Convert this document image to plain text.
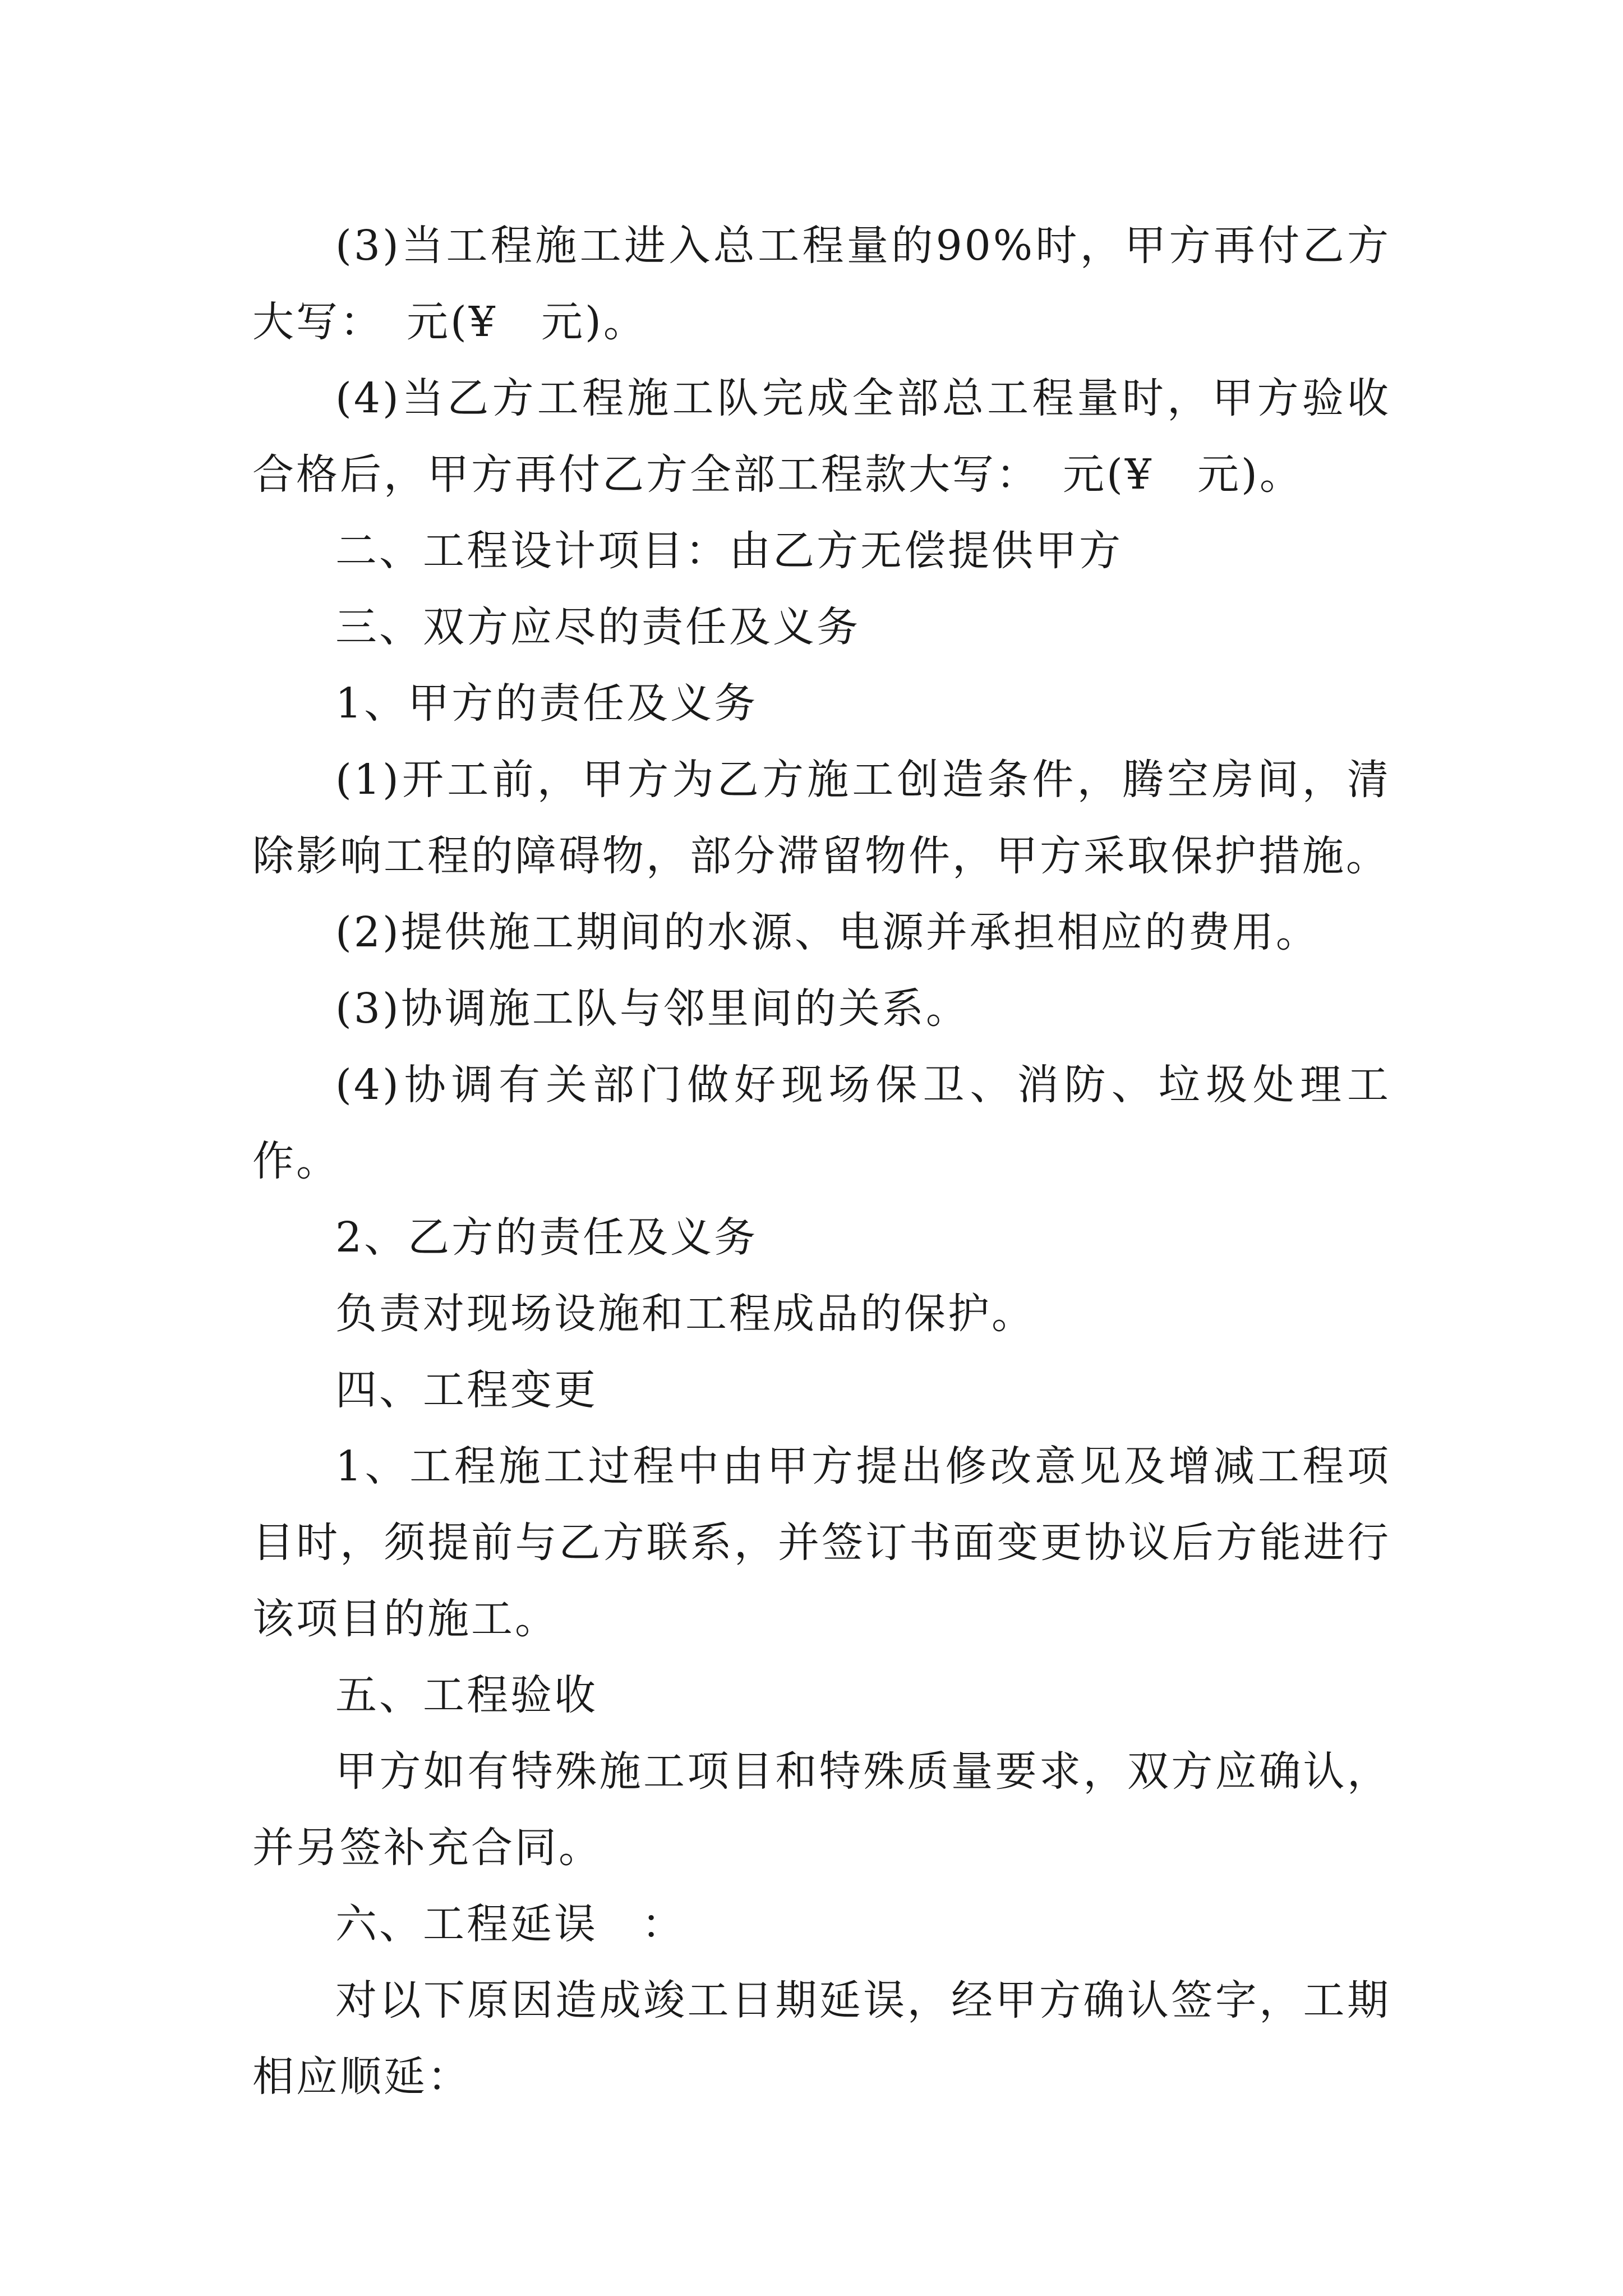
(3)当工程施工进入总工程量的90%时，甲方再付乙方大写：　元(¥　元)。

(4)当乙方工程施工队完成全部总工程量时，甲方验收合格后，甲方再付乙方全部工程款大写：　元(¥　元)。

二、工程设计项目：由乙方无偿提供甲方

三、双方应尽的责任及义务

1、甲方的责任及义务

(1)开工前，甲方为乙方施工创造条件，腾空房间，清除影响工程的障碍物，部分滞留物件，甲方采取保护措施。

(2)提供施工期间的水源、电源并承担相应的费用。

(3)协调施工队与邻里间的关系。

(4)协调有关部门做好现场保卫、消防、垃圾处理工作。

2、乙方的责任及义务

负责对现场设施和工程成品的保护。

四、工程变更

1、工程施工过程中由甲方提出修改意见及增减工程项目时，须提前与乙方联系，并签订书面变更协议后方能进行该项目的施工。

五、工程验收

甲方如有特殊施工项目和特殊质量要求，双方应确认，并另签补充合同。

六、工程延误　：

对以下原因造成竣工日期延误，经甲方确认签字，工期相应顺延：
